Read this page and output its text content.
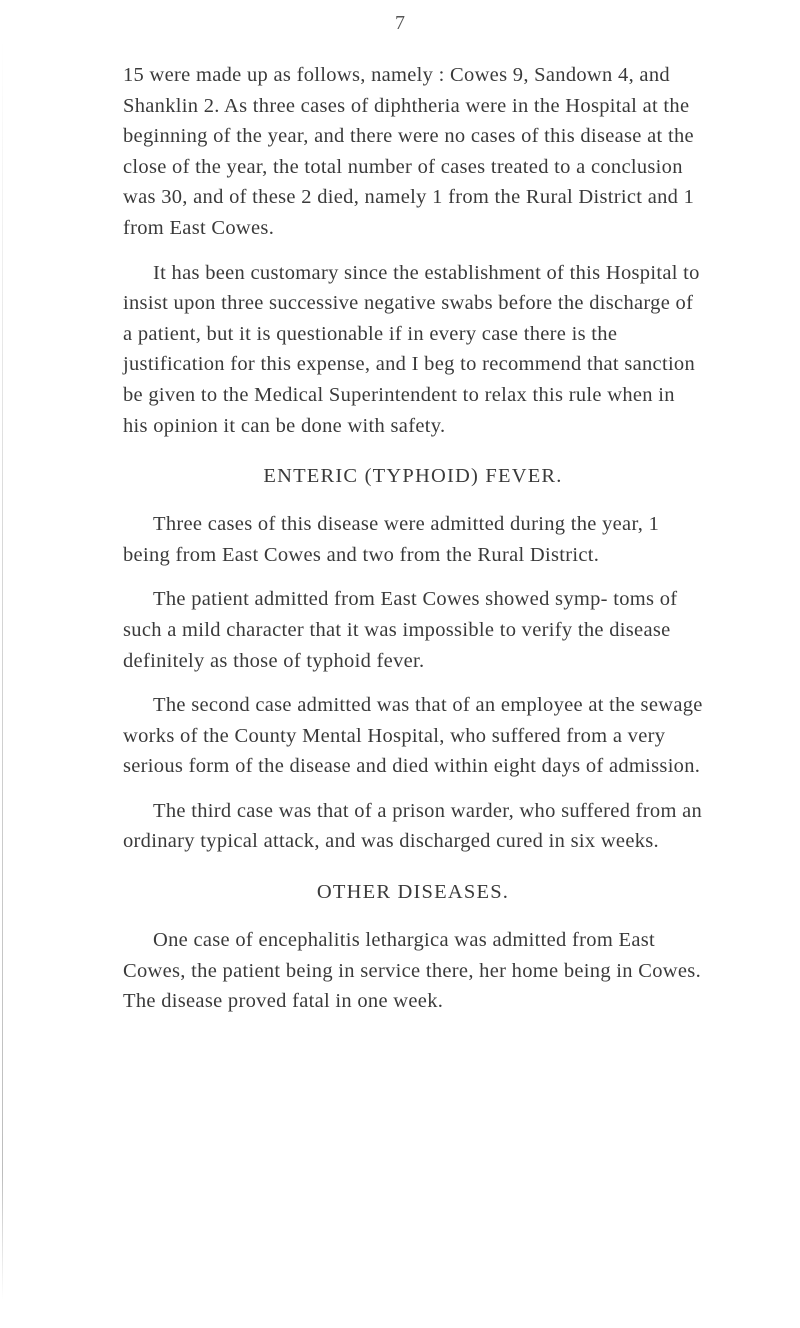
7

15 were made up as follows, namely : Cowes 9, Sandown 4, and Shanklin 2. As three cases of diphtheria were in the Hospital at the beginning of the year, and there were no cases of this disease at the close of the year, the total number of cases treated to a conclusion was 30, and of these 2 died, namely 1 from the Rural District and 1 from East Cowes.

It has been customary since the establishment of this Hospital to insist upon three successive negative swabs before the discharge of a patient, but it is questionable if in every case there is the justification for this expense, and I beg to recommend that sanction be given to the Medical Superintendent to relax this rule when in his opinion it can be done with safety.

ENTERIC (TYPHOID) FEVER.

Three cases of this disease were admitted during the year, 1 being from East Cowes and two from the Rural District.

The patient admitted from East Cowes showed symp- toms of such a mild character that it was impossible to verify the disease definitely as those of typhoid fever.

The second case admitted was that of an employee at the sewage works of the County Mental Hospital, who suffered from a very serious form of the disease and died within eight days of admission.

The third case was that of a prison warder, who suffered from an ordinary typical attack, and was discharged cured in six weeks.

OTHER DISEASES.

One case of encephalitis lethargica was admitted from East Cowes, the patient being in service there, her home being in Cowes. The disease proved fatal in one week.
